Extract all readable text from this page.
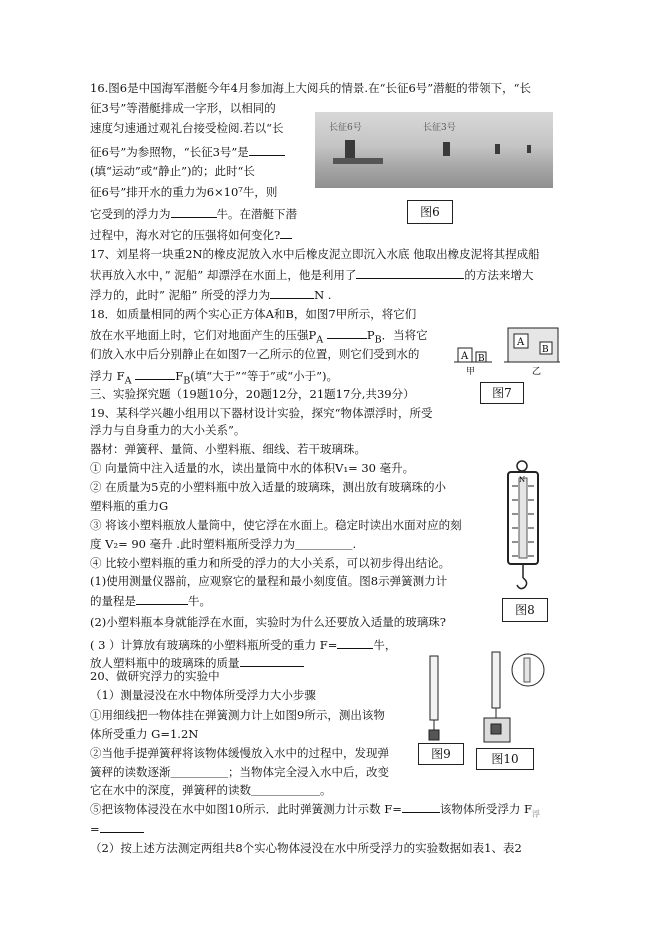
16.图6是中国海军潜艇今年4月参加海上大阅兵的情景.在“长征6号”潜艇的带领下，“长
征3号”等潜艇排成一字形，以相同的
速度匀速通过观礼台接受检阅.若以“长
征6号”为参照物，“长征3号”是
(填“运动”或“静止”)的；此时“长
征6号”排开水的重力为6×10⁷牛，则
它受到的浮力为	牛。在潜艇下潜
过程中，海水对它的压强将如何变化?
长征6号	长征3号
图6
17、刘星将一块重2N的橡皮泥放入水中后橡皮泥立即沉入水底 他取出橡皮泥将其捏成船
状再放入水中，” 泥船” 却漂浮在水面上，他是利用了	的方法来增大
浮力的，此时” 泥船” 所受的浮力为	N .
18．如质量相同的两个实心正方体A和B，如图7甲所示，将它们
放在水平地面上时，它们对地面产生的压强$P_A$	$P_B$．当将它
们放入水中后分别静止在如图7一乙所示的位置，则它们受到水的
浮力 $F_A$	$F_B$(填“大于”“等于”或“小于”)。
A B
A
B
甲	乙
图7
三、实验探究题（19题10分，20题12分，21题17分,共39分）
19、某科学兴趣小组用以下器材设计实验，探究“物体漂浮时，所受
浮力与自身重力的大小关系”。
器材：弹簧秤、量筒、小塑料瓶、细线、若干玻璃珠。
① 向量筒中注入适量的水，读出量筒中水的体积V₁= 30 毫升。
② 在质量为5克的小塑料瓶中放入适量的玻璃珠，测出放有玻璃珠的小
塑料瓶的重力G
③ 将该小塑料瓶放人量筒中，使它浮在水面上。稳定时读出水面对应的刻
度 V₂= 90 毫升 .此时塑料瓶所受浮力为＿＿＿＿＿.
④ 比较小塑料瓶的重力和所受的浮力的大小关系，可以初步得出结论。
(1)使用测量仪器前，应观察它的量程和最小刻度值。图8示弹簧测力计
的量程是	牛。
(2)小塑料瓶本身就能浮在水面，实验时为什么还要放入适量的玻璃珠?
( 3 ）计算放有玻璃珠的小塑料瓶所受的重力 F=	牛，
放人塑料瓶中的玻璃珠的质量
N
图8
20、做研究浮力的实验中
（1）测量浸没在水中物体所受浮力大小步骤
①用细线把一物体挂在弹簧测力计上如图9所示，测出该物
体所受重力 G=1.2N
②当他手提弹簧秤将该物体缓慢放入水中的过程中，发现弹
簧秤的读数逐渐＿＿＿＿＿；当物体完全浸入水中后，改变
它在水中的深度，弹簧秤的读数＿＿＿＿＿＿。
⑤把该物体浸没在水中如图10所示．此时弹簧测力计示数 F=	该物体所受浮力 $F_浮$
=
（2）按上述方法测定两组共8个实心物体浸没在水中所受浮力的实验数据如表1、表2
图9	图10
